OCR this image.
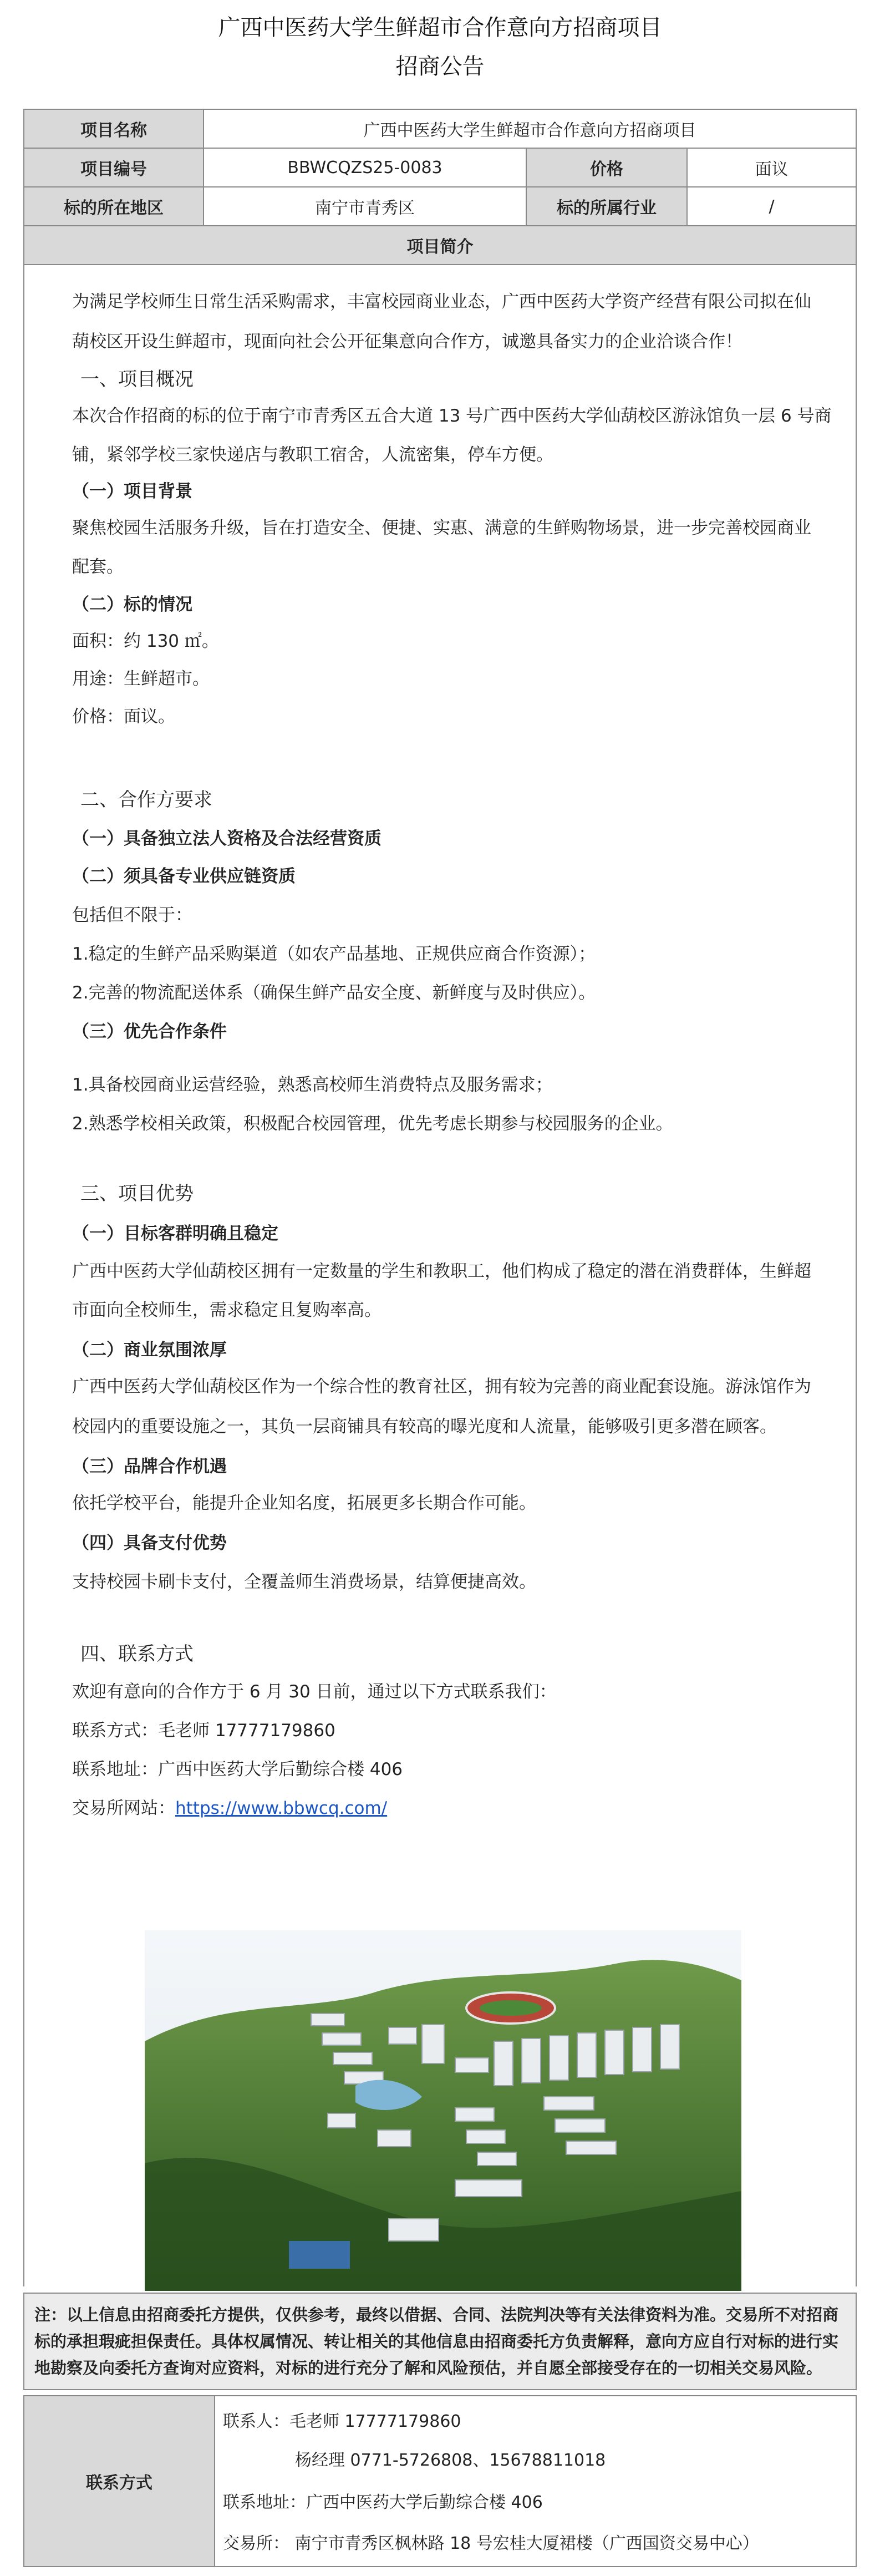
广西中医药大学生鲜超市合作意向方招商项目
招商公告
项目名称	广西中医药大学生鲜超市合作意向方招商项目		
项目编号	BBWCQZS25-0083	价格	面议
标的所在地区	南宁市青秀区	标的所属行业	/
项目简介			
为满足学校师生日常生活采购需求，丰富校园商业业态，广西中医药大学资产经营有限公司拟在仙
葫校区开设生鲜超市，现面向社会公开征集意向合作方，诚邀具备实力的企业洽谈合作！
一、项目概况
本次合作招商的标的位于南宁市青秀区五合大道 13 号广西中医药大学仙葫校区游泳馆负一层 6 号商
铺，紧邻学校三家快递店与教职工宿舍，人流密集，停车方便。
（一）项目背景
聚焦校园生活服务升级，旨在打造安全、便捷、实惠、满意的生鲜购物场景，进一步完善校园商业
配套。
（二）标的情况
面积：约 130 ㎡。
用途：生鲜超市。
价格：面议。
二、合作方要求
（一）具备独立法人资格及合法经营资质
（二）须具备专业供应链资质
包括但不限于：
1.稳定的生鲜产品采购渠道（如农产品基地、正规供应商合作资源）；
2.完善的物流配送体系（确保生鲜产品安全度、新鲜度与及时供应）。
（三）优先合作条件
1.具备校园商业运营经验，熟悉高校师生消费特点及服务需求；
2.熟悉学校相关政策，积极配合校园管理，优先考虑长期参与校园服务的企业。
三、项目优势
（一）目标客群明确且稳定
广西中医药大学仙葫校区拥有一定数量的学生和教职工，他们构成了稳定的潜在消费群体，生鲜超
市面向全校师生，需求稳定且复购率高。
（二）商业氛围浓厚
广西中医药大学仙葫校区作为一个综合性的教育社区，拥有较为完善的商业配套设施。游泳馆作为
校园内的重要设施之一，其负一层商铺具有较高的曝光度和人流量，能够吸引更多潜在顾客。
（三）品牌合作机遇
依托学校平台，能提升企业知名度，拓展更多长期合作可能。
（四）具备支付优势
支持校园卡刷卡支付，全覆盖师生消费场景，结算便捷高效。
四、联系方式
欢迎有意向的合作方于 6 月 30 日前，通过以下方式联系我们：
联系方式：毛老师 17777179860
联系地址：广西中医药大学后勤综合楼 406
交易所网站：https://www.bbwcq.com/

注：以上信息由招商委托方提供，仅供参考，最终以借据、合同、法院判决等有关法律资料为准。交易所不对招商

标的承担瑕疵担保责任。具体权属情况、转让相关的其他信息由招商委托方负责解释，意向方应自行对标的进行实

地勘察及向委托方查询对应资料，对标的进行充分了解和风险预估，并自愿全部接受存在的一切相关交易风险。

联系方式	
联系人：毛老师 17777179860
杨经理 0771-5726808、15678811018
联系地址：广西中医药大学后勤综合楼 406
交易所： 南宁市青秀区枫林路 18 号宏桂大厦裙楼（广西国资交易中心）
